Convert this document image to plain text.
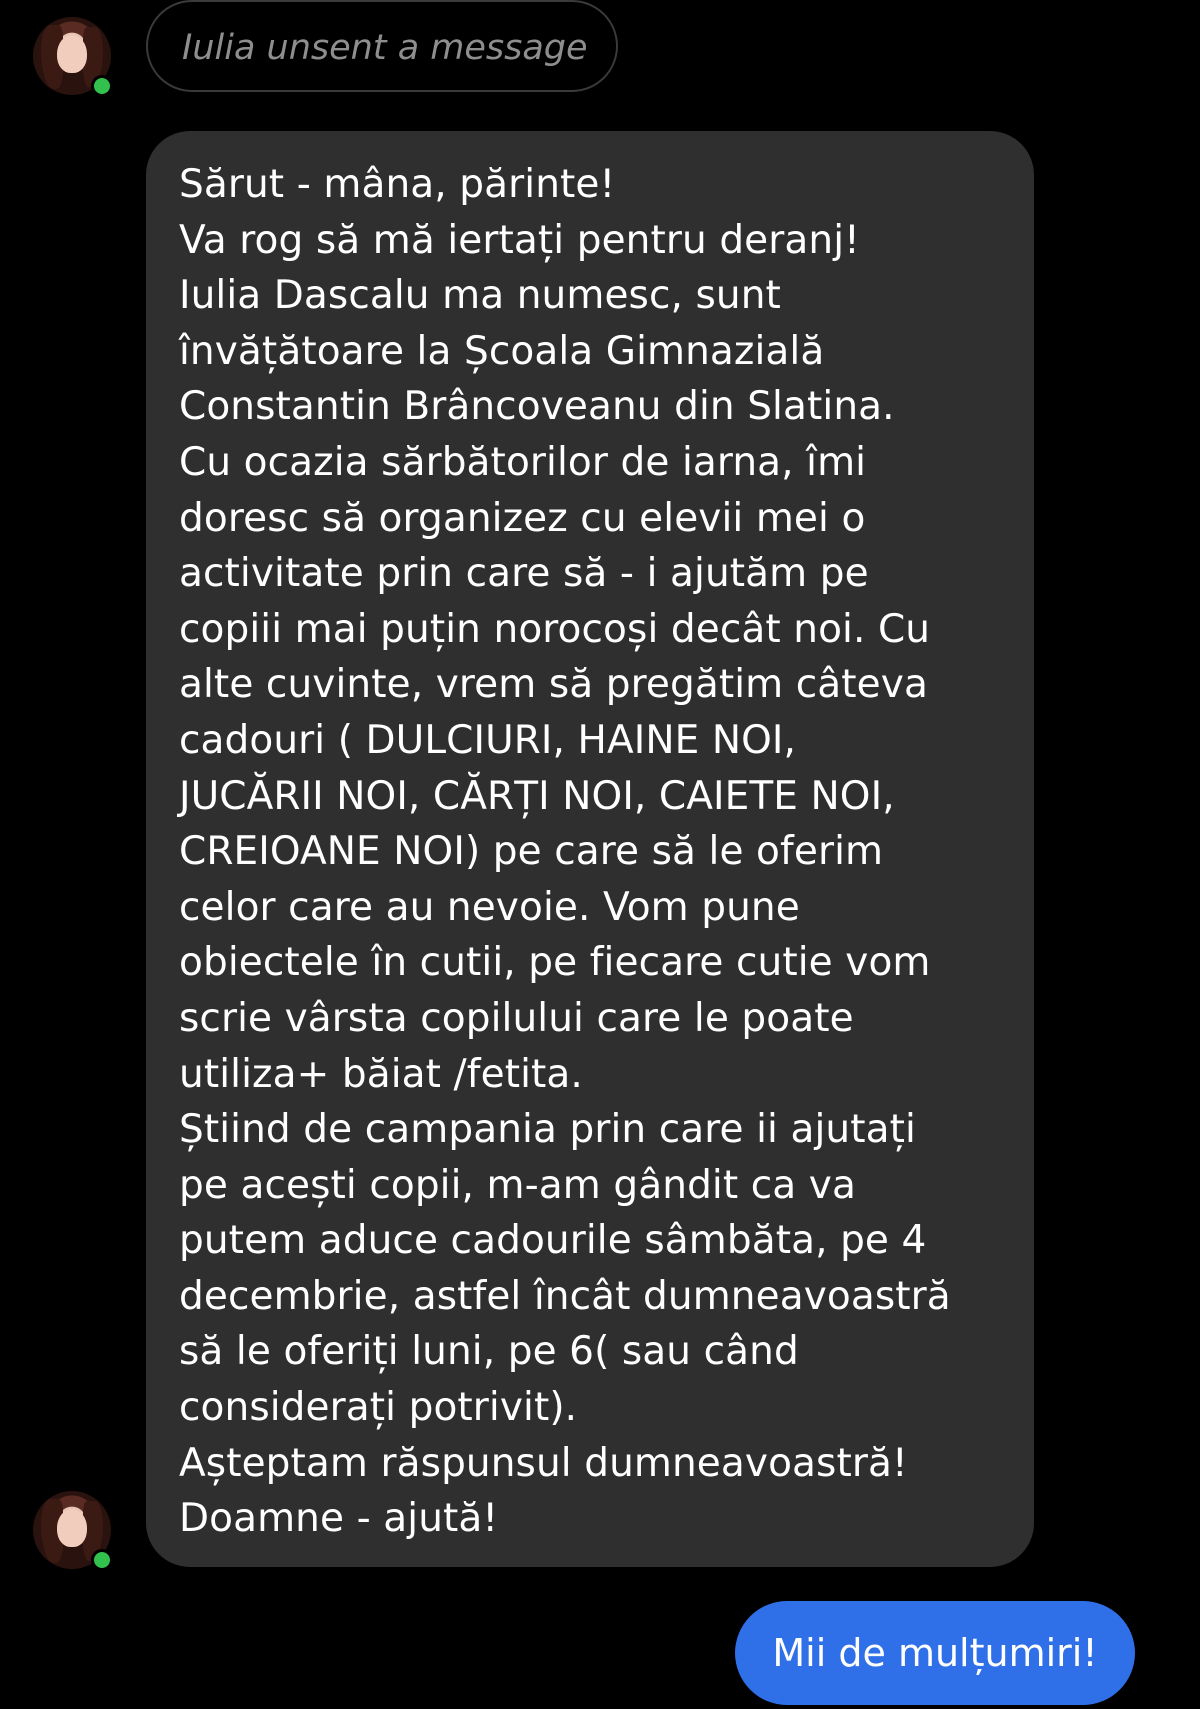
Iulia unsent a message
Sărut - mâna, părinte!
Va rog să mă iertați pentru deranj!
Iulia Dascalu ma numesc, sunt
învățătoare la Școala Gimnazială
Constantin Brâncoveanu din Slatina.
Cu ocazia sărbătorilor de iarna, îmi
doresc să organizez cu elevii mei o
activitate prin care să - i ajutăm pe
copiii mai puțin norocoși decât noi. Cu
alte cuvinte, vrem să pregătim câteva
cadouri ( DULCIURI, HAINE NOI,
JUCĂRII NOI, CĂRȚI NOI, CAIETE NOI,
CREIOANE NOI) pe care să le oferim
celor care au nevoie. Vom pune
obiectele în cutii, pe fiecare cutie vom
scrie vârsta copilului care le poate
utiliza+ băiat /fetita.
Știind de campania prin care ii ajutați
pe acești copii, m-am gândit ca va
putem aduce cadourile sâmbăta, pe 4
decembrie, astfel încât dumneavoastră
să le oferiți luni, pe 6( sau când
considerați potrivit).
Așteptam răspunsul dumneavoastră!
Doamne - ajută!
Mii de mulțumiri!
